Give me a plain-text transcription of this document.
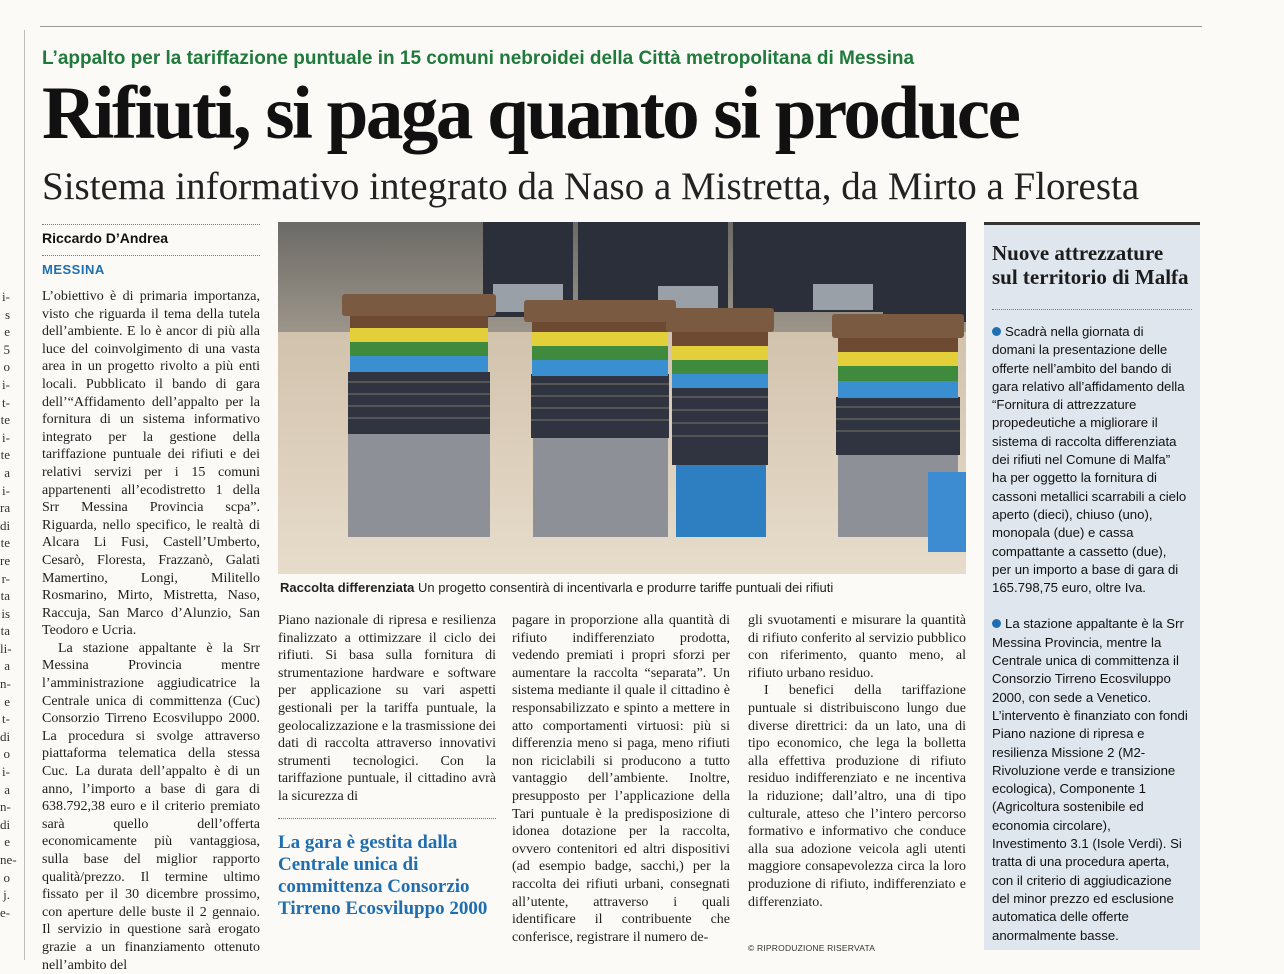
i-
s
e
5
o
i-
t-
te
i-
te
a
i-
ra
di
te
re
r-
ta
is
ta
li-
a
n-
e
t-
di
o
i-
a
n-
di
e
ne-
o
j.
e-
L’appalto per la tariffazione puntuale in 15 comuni nebroidei della Città metropolitana di Messina
Rifiuti, si paga quanto si produce
Sistema informativo integrato da Naso a Mistretta, da Mirto a Floresta
Riccardo D’Andrea
MESSINA

L’obiettivo è di primaria importanza, visto che riguarda il tema della tutela dell’ambiente. E lo è ancor di più alla luce del coinvolgimento di una vasta area in un progetto rivolto a più enti locali. Pubblicato il bando di gara dell’“Affidamento dell’appalto per la fornitura di un sistema informativo integrato per la gestione della tariffazione puntuale dei rifiuti e dei relativi servizi per i 15 comuni appartenenti all’ecodistretto 1 della Srr Messina Provincia scpa”. Riguarda, nello specifico, le realtà di Alcara Li Fusi, Castell’Umberto, Cesarò, Floresta, Frazzanò, Galati Mamertino, Longi, Militello Rosmarino, Mirto, Mistretta, Naso, Raccuja, San Marco d’Alunzio, San Teodoro e Ucria.

La stazione appaltante è la Srr Messina Provincia mentre l’amministrazione aggiudicatrice la Centrale unica di committenza (Cuc) Consorzio Tirreno Ecosviluppo 2000. La procedura si svolge attraverso piattaforma telematica della stessa Cuc. La durata dell’appalto è di un anno, l’importo a base di gara di 638.792,38 euro e il criterio premiato sarà quello dell’offerta economicamente più vantaggiosa, sulla base del miglior rapporto qualità/prezzo. Il termine ultimo fissato per il 30 dicembre prossimo, con aperture delle buste il 2 gennaio. Il servizio in questione sarà erogato grazie a un finanziamento ottenuto nell’ambito del

Raccolta differenziata Un progetto consentirà di incentivarla e produrre tariffe puntuali dei rifiuti

Piano nazionale di ripresa e resilienza finalizzato a ottimizzare il ciclo dei rifiuti. Si basa sulla fornitura di strumentazione hardware e software per applicazione su vari aspetti gestionali per la tariffa puntuale, la geolocalizzazione e la trasmissione dei dati di raccolta attraverso innovativi strumenti tecnologici. Con la tariffazione puntuale, il cittadino avrà la sicurezza di

La gara è gestita dalla Centrale unica di committenza Consorzio Tirreno Ecosviluppo 2000

pagare in proporzione alla quantità di rifiuto indifferenziato prodotta, vedendo premiati i propri sforzi per aumentare la raccolta “separata”. Un sistema mediante il quale il cittadino è responsabilizzato e spinto a mettere in atto comportamenti virtuosi: più si differenzia meno si paga, meno rifiuti non riciclabili si producono a tutto vantaggio dell’ambiente. Inoltre, presupposto per l’applicazione della Tari puntuale è la predisposizione di idonea dotazione per la raccolta, ovvero contenitori ed altri dispositivi (ad esempio badge, sacchi,) per la raccolta dei rifiuti urbani, consegnati all’utente, attraverso i quali identificare il contribuente che conferisce, registrare il numero de-

gli svuotamenti e misurare la quantità di rifiuto conferito al servizio pubblico con riferimento, quanto meno, al rifiuto urbano residuo.

I benefici della tariffazione puntuale si distribuiscono lungo due diverse direttrici: da un lato, una di tipo economico, che lega la bolletta alla effettiva produzione di rifiuto residuo indifferenziato e ne incentiva la riduzione; dall’altro, una di tipo culturale, atteso che l’intero percorso formativo e informativo che conduce alla sua adozione veicola agli utenti maggiore consapevolezza circa la loro produzione di rifiuto, indifferenziato e differenziato.

© RIPRODUZIONE RISERVATA
Nuove attrezzature sul territorio di Malfa

Scadrà nella giornata di domani la presentazione delle offerte nell’ambito del bando di gara relativo all’affidamento della “Fornitura di attrezzature propedeutiche a migliorare il sistema di raccolta differenziata dei rifiuti nel Comune di Malfa” ha per oggetto la fornitura di cassoni metallici scarrabili a cielo aperto (dieci), chiuso (uno), monopala (due) e cassa compattante a cassetto (due), per un importo a base di gara di 165.798,75 euro, oltre Iva.

La stazione appaltante è la Srr Messina Provincia, mentre la Centrale unica di committenza il Consorzio Tirreno Ecosviluppo 2000, con sede a Venetico. L’intervento è finanziato con fondi Piano nazione di ripresa e resilienza Missione 2 (M2-Rivoluzione verde e transizione ecologica), Componente 1 (Agricoltura sostenibile ed economia circolare), Investimento 3.1 (Isole Verdi). Si tratta di una procedura aperta, con il criterio di aggiudicazione del minor prezzo ed esclusione automatica delle offerte anormalmente basse.
